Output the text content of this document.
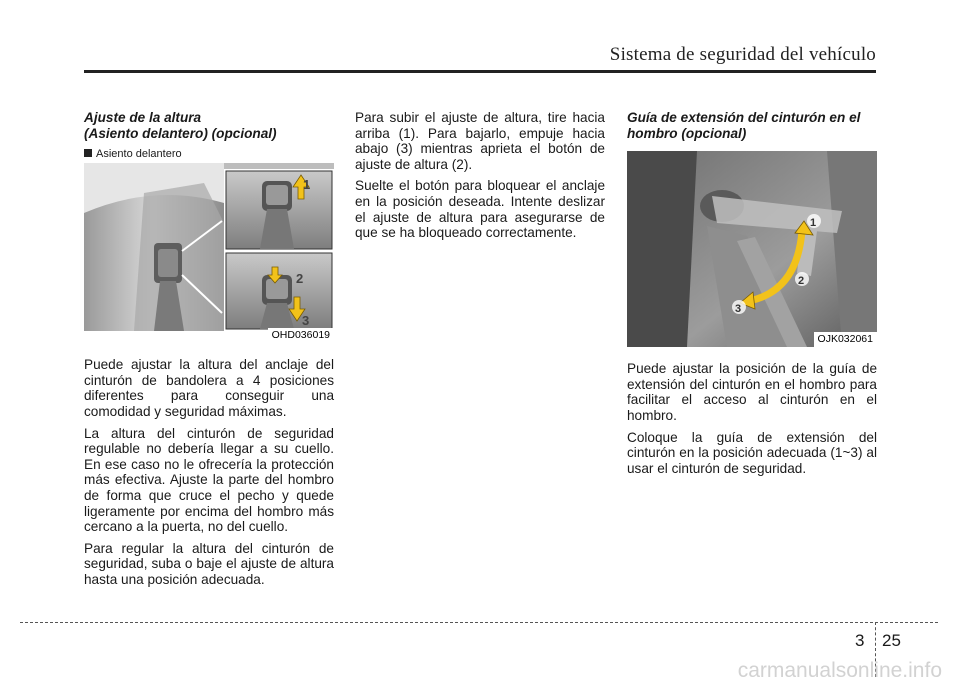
Sistema de seguridad del vehículo
Ajuste de la altura
(Asiento delantero) (opcional)
Asiento delantero
1
2
3
OHD036019

Puede ajustar la altura del anclaje del cinturón de bandolera a 4 posiciones diferentes para conseguir una comodidad y seguridad máximas.

La altura del cinturón de seguridad regulable no debería llegar a su cuello. En ese caso no le ofrecería la protección más efectiva. Ajuste la parte del hombro de forma que cruce el pecho y quede ligeramente por encima del hombro más cercano a la puerta, no del cuello.

Para regular la altura del cinturón de seguridad, suba o baje el ajuste de altura hasta una posición adecuada.

Para subir el ajuste de altura, tire hacia arriba (1). Para bajarlo, empuje hacia abajo (3) mientras aprieta el botón de ajuste de altura (2).

Suelte el botón para bloquear el anclaje en la posición deseada. Intente deslizar el ajuste de altura para asegurarse de que se ha bloqueado correctamente.

Guía de extensión del cinturón en el
hombro (opcional)
1
2
3
OJK032061

Puede ajustar la posición de la guía de extensión del cinturón en el hombro para facilitar el acceso al cinturón en el hombro.

Coloque la guía de extensión del cinturón en la posición adecuada (1~3) al usar el cinturón de seguridad.

3 25
carmanualsonline.info
